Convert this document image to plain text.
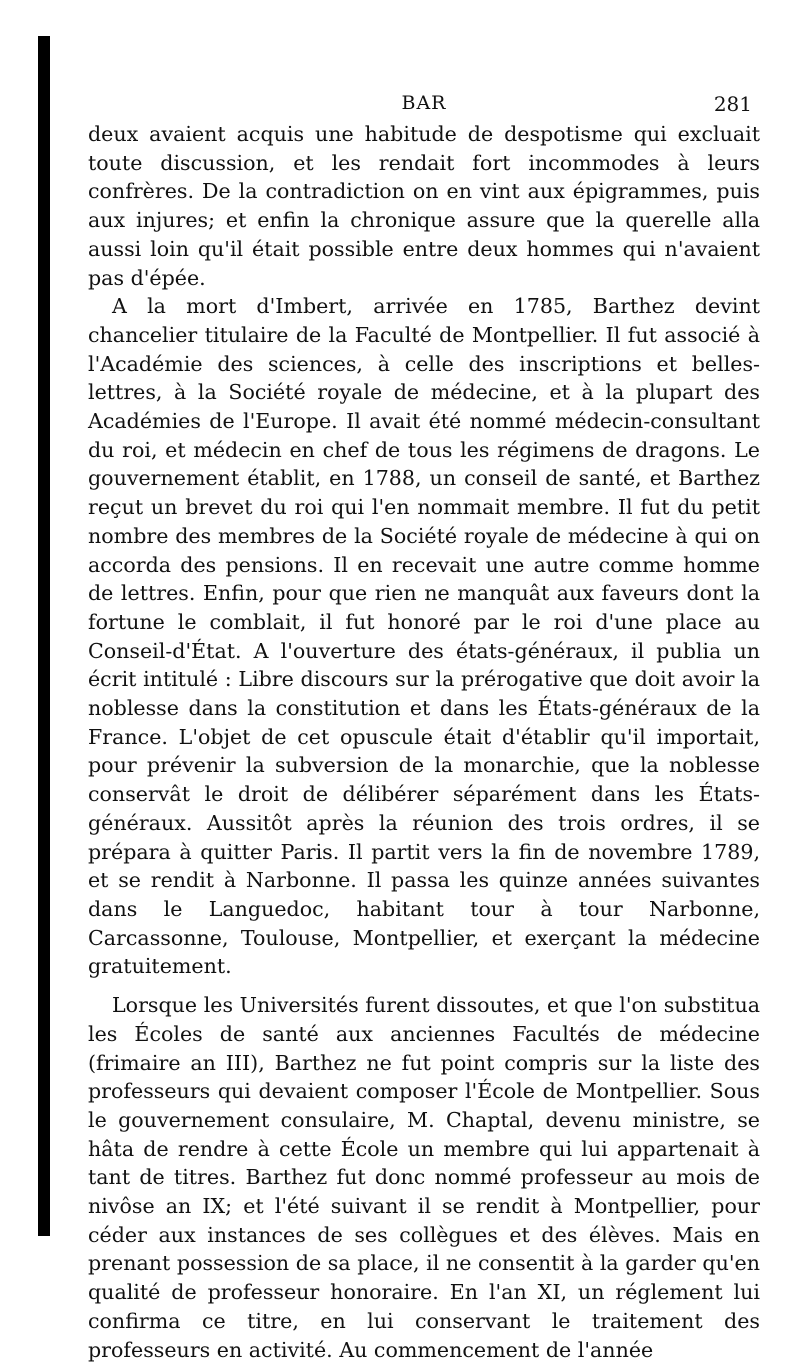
BAR	281

deux avaient acquis une habitude de despotisme qui excluait toute discussion, et les rendait fort incommodes à leurs confrères. De la contradiction on en vint aux épigrammes, puis aux injures; et enfin la chronique assure que la querelle alla aussi loin qu'il était possible entre deux hommes qui n'avaient pas d'épée.

A la mort d'Imbert, arrivée en 1785, Barthez devint chancelier titulaire de la Faculté de Montpellier. Il fut associé à l'Académie des sciences, à celle des inscriptions et belles-lettres, à la Société royale de médecine, et à la plupart des Académies de l'Europe. Il avait été nommé médecin-consultant du roi, et médecin en chef de tous les régimens de dragons. Le gouvernement établit, en 1788, un conseil de santé, et Barthez reçut un brevet du roi qui l'en nommait membre. Il fut du petit nombre des membres de la Société royale de médecine à qui on accorda des pensions. Il en recevait une autre comme homme de lettres. Enfin, pour que rien ne manquât aux faveurs dont la fortune le comblait, il fut honoré par le roi d'une place au Conseil-d'État. A l'ouverture des états-généraux, il publia un écrit intitulé : Libre discours sur la prérogative que doit avoir la noblesse dans la constitution et dans les États-généraux de la France. L'objet de cet opuscule était d'établir qu'il importait, pour prévenir la subversion de la monarchie, que la noblesse conservât le droit de délibérer séparément dans les États-généraux. Aussitôt après la réunion des trois ordres, il se prépara à quitter Paris. Il partit vers la fin de novembre 1789, et se rendit à Narbonne. Il passa les quinze années suivantes dans le Languedoc, habitant tour à tour Narbonne, Carcassonne, Toulouse, Montpellier, et exerçant la médecine gratuitement.

Lorsque les Universités furent dissoutes, et que l'on substitua les Écoles de santé aux anciennes Facultés de médecine (frimaire an III), Barthez ne fut point compris sur la liste des professeurs qui devaient composer l'École de Montpellier. Sous le gouvernement consulaire, M. Chaptal, devenu ministre, se hâta de rendre à cette École un membre qui lui appartenait à tant de titres. Barthez fut donc nommé professeur au mois de nivôse an IX; et l'été suivant il se rendit à Montpellier, pour céder aux instances de ses collègues et des élèves. Mais en prenant possession de sa place, il ne consentit à la garder qu'en qualité de professeur honoraire. En l'an XI, un réglement lui confirma ce titre, en lui conservant le traitement des professeurs en activité. Au commencement de l'année
